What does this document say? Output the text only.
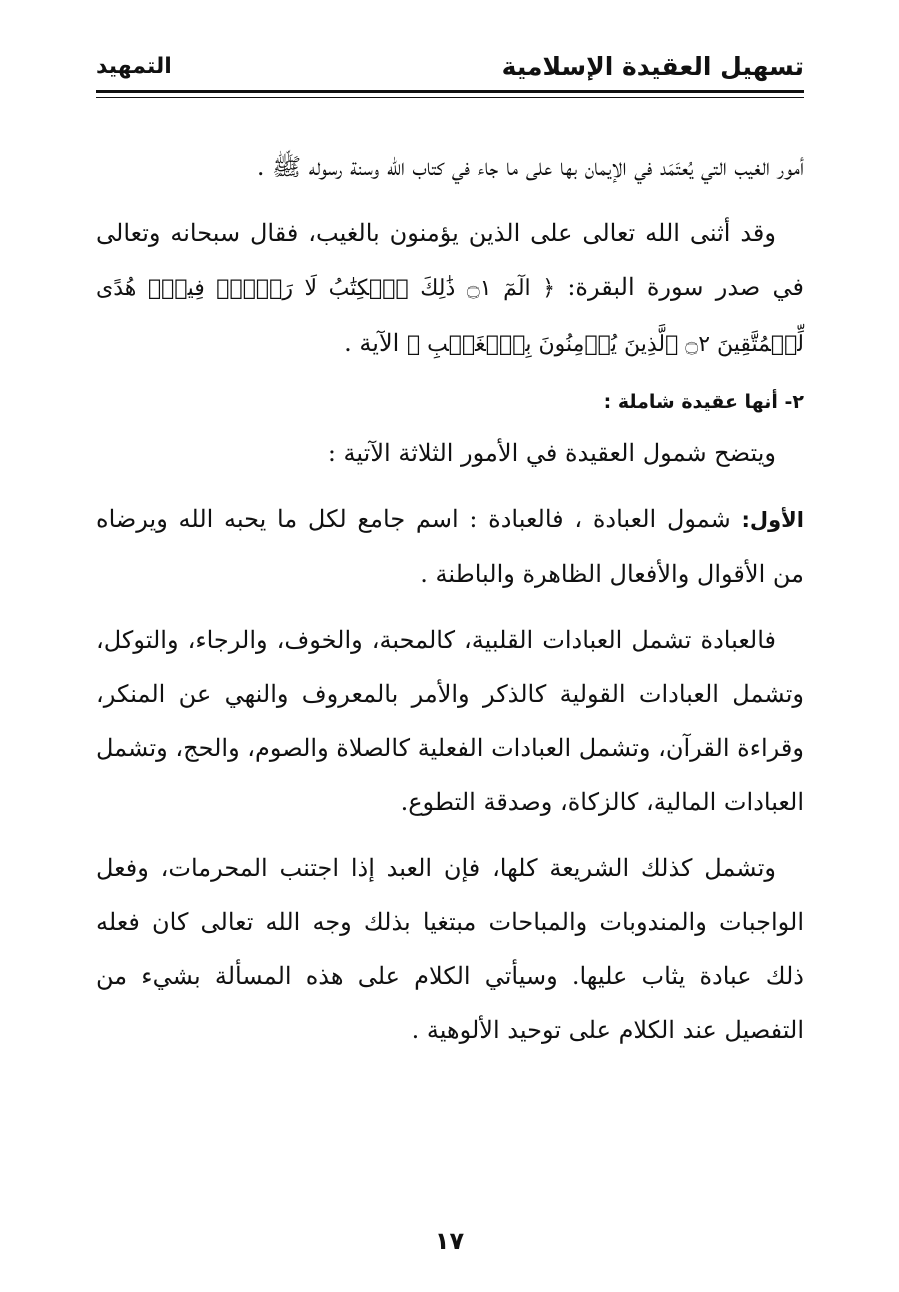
تسهيل العقيدة الإسلامية
التمهيد

أمور الغيب التي يُعتَمَد في الإيمان بها على ما جاء في كتاب الله وسنة رسوله ﷺ .

وقد أثنى الله تعالى على الذين يؤمنون بالغيب، فقال سبحانه وتعالى في صدر سورة البقرة: ﴿ الٓمٓ ۝١ ذَٰلِكَ ٱلۡكِتَٰبُ لَا رَيۡبَۛ فِيهِۛ هُدًى لِّلۡمُتَّقِينَ ۝٢ ٱلَّذِينَ يُؤۡمِنُونَ بِٱلۡغَيۡبِ ﴾ الآية .

٢- أنها عقيدة شاملة :

ويتضح شمول العقيدة في الأمور الثلاثة الآتية :

الأول: شمول العبادة ، فالعبادة : اسم جامع لكل ما يحبه الله ويرضاه من الأقوال والأفعال الظاهرة والباطنة .

فالعبادة تشمل العبادات القلبية، كالمحبة، والخوف، والرجاء، والتوكل، وتشمل العبادات القولية كالذكر والأمر بالمعروف والنهي عن المنكر، وقراءة القرآن، وتشمل العبادات الفعلية كالصلاة والصوم، والحج، وتشمل العبادات المالية، كالزكاة، وصدقة التطوع.

وتشمل كذلك الشريعة كلها، فإن العبد إذا اجتنب المحرمات، وفعل الواجبات والمندوبات والمباحات مبتغيا بذلك وجه الله تعالى كان فعله ذلك عبادة يثاب عليها. وسيأتي الكلام على هذه المسألة بشيء من التفصيل عند الكلام على توحيد الألوهية .

١٧
